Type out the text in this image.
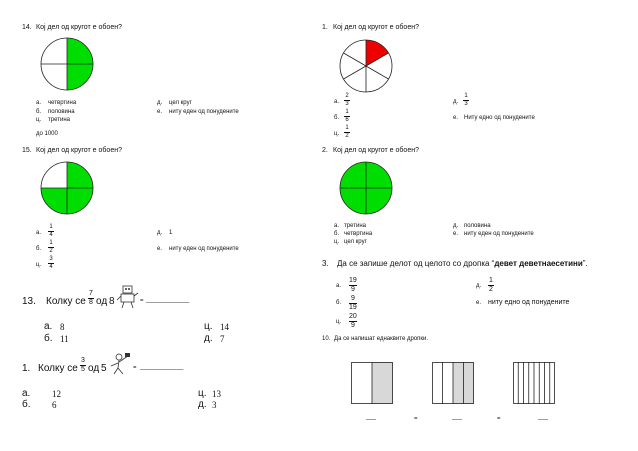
14. Кој дел од кругот е обоен?
а. четвртина
б. половина
ц. третина
д. цел круг
е. ниту еден од понудените
до 1000
15. Кој дел од кругот е обоен?
а.
1
4
б.
1
2
ц.
3
4
д. 1
е. ниту еден од понудените
13. Колку се
7
8 од 8	= _____________
а. 8
б. 11
ц. 14
д. 7
1. Колку се
3
5 од 5	= _____________
а. 12
б. 6
ц. 13
д. 3
1. Кој дел од кругот е обоен?
а.
2
3
б.
1
6
ц.
1
2
д.
1
3
е. Ниту едно од понудените
2. Кој дел од кругот е обоен?
а. третина
б. четвртина
ц. цел круг
д. половина
е. ниту еден од понудените
3. Да се запише делот од целото со дропка “девет деветнаесетини”.
а.
19
9
б.
9
19
ц.
20
9
д.
1
2
е. ниту едно од понудените
10. Да се напишат еднаквите дропки.
___	=	___	=	___
